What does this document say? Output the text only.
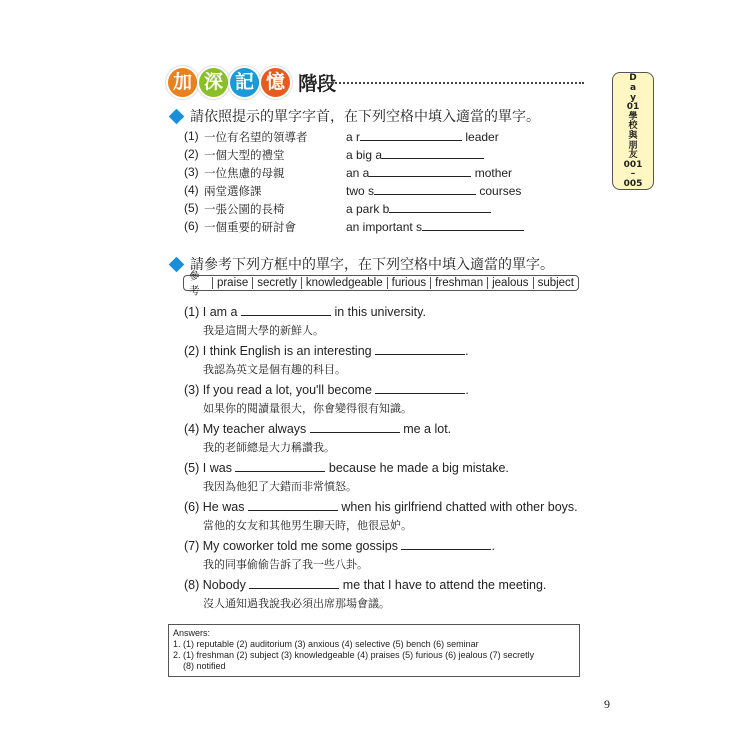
加 深 記 憶 階段	D
a
y
01
學
校
與
朋
友
001
–
005
請依照提示的單字字首，在下列空格中填入適當的單字。
(1) 一位有名望的領導者	a r	leader
(2) 一個大型的禮堂	a big a
(3) 一位焦慮的母親	an a	mother
(4) 兩堂選修課	two s	courses
(5) 一張公園的長椅	a park b
(6) 一個重要的研討會	an important s
請參考下列方框中的單字，在下列空格中填入適當的單字。
參考
praise secretly knowledgeable furious freshman jealous subject
(1) I am a	in this university.
我是這間大學的新鮮人。
(2) I think English is an interesting	.
我認為英文是個有趣的科目。
(3) If you read a lot, you'll become	.
如果你的閱讀量很大，你會變得很有知識。
(4) My teacher always	me a lot.
我的老師總是大力稱讚我。
(5) I was	because he made a big mistake.
我因為他犯了大錯而非常憤怒。
(6) He was	when his girlfriend chatted with other boys.
當他的女友和其他男生聊天時，他很忌妒。
(7) My coworker told me some gossips	.
我的同事偷偷告訴了我一些八卦。
(8) Nobody	me that I have to attend the meeting.
沒人通知過我說我必須出席那場會議。
Answers:
1. (1) reputable (2) auditorium (3) anxious (4) selective (5) bench (6) seminar
2. (1) freshman (2) subject (3) knowledgeable (4) praises (5) furious (6) jealous (7) secretly
(8) notified
9
